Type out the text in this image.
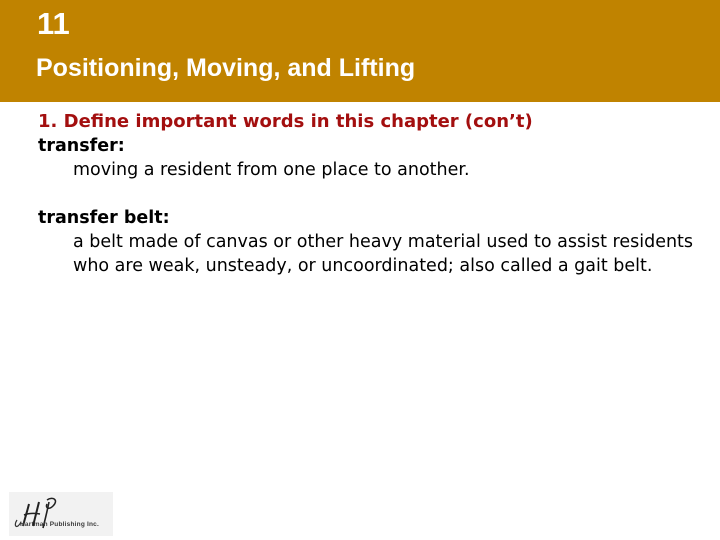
11
Positioning, Moving, and Lifting

1. Define important words in this chapter (con’t)

transfer:

moving a resident from one place to another.

transfer belt:

a belt made of canvas or other heavy material used to assist residents who are weak, unsteady, or uncoordinated; also called a gait belt.

Hartman Publishing Inc.
